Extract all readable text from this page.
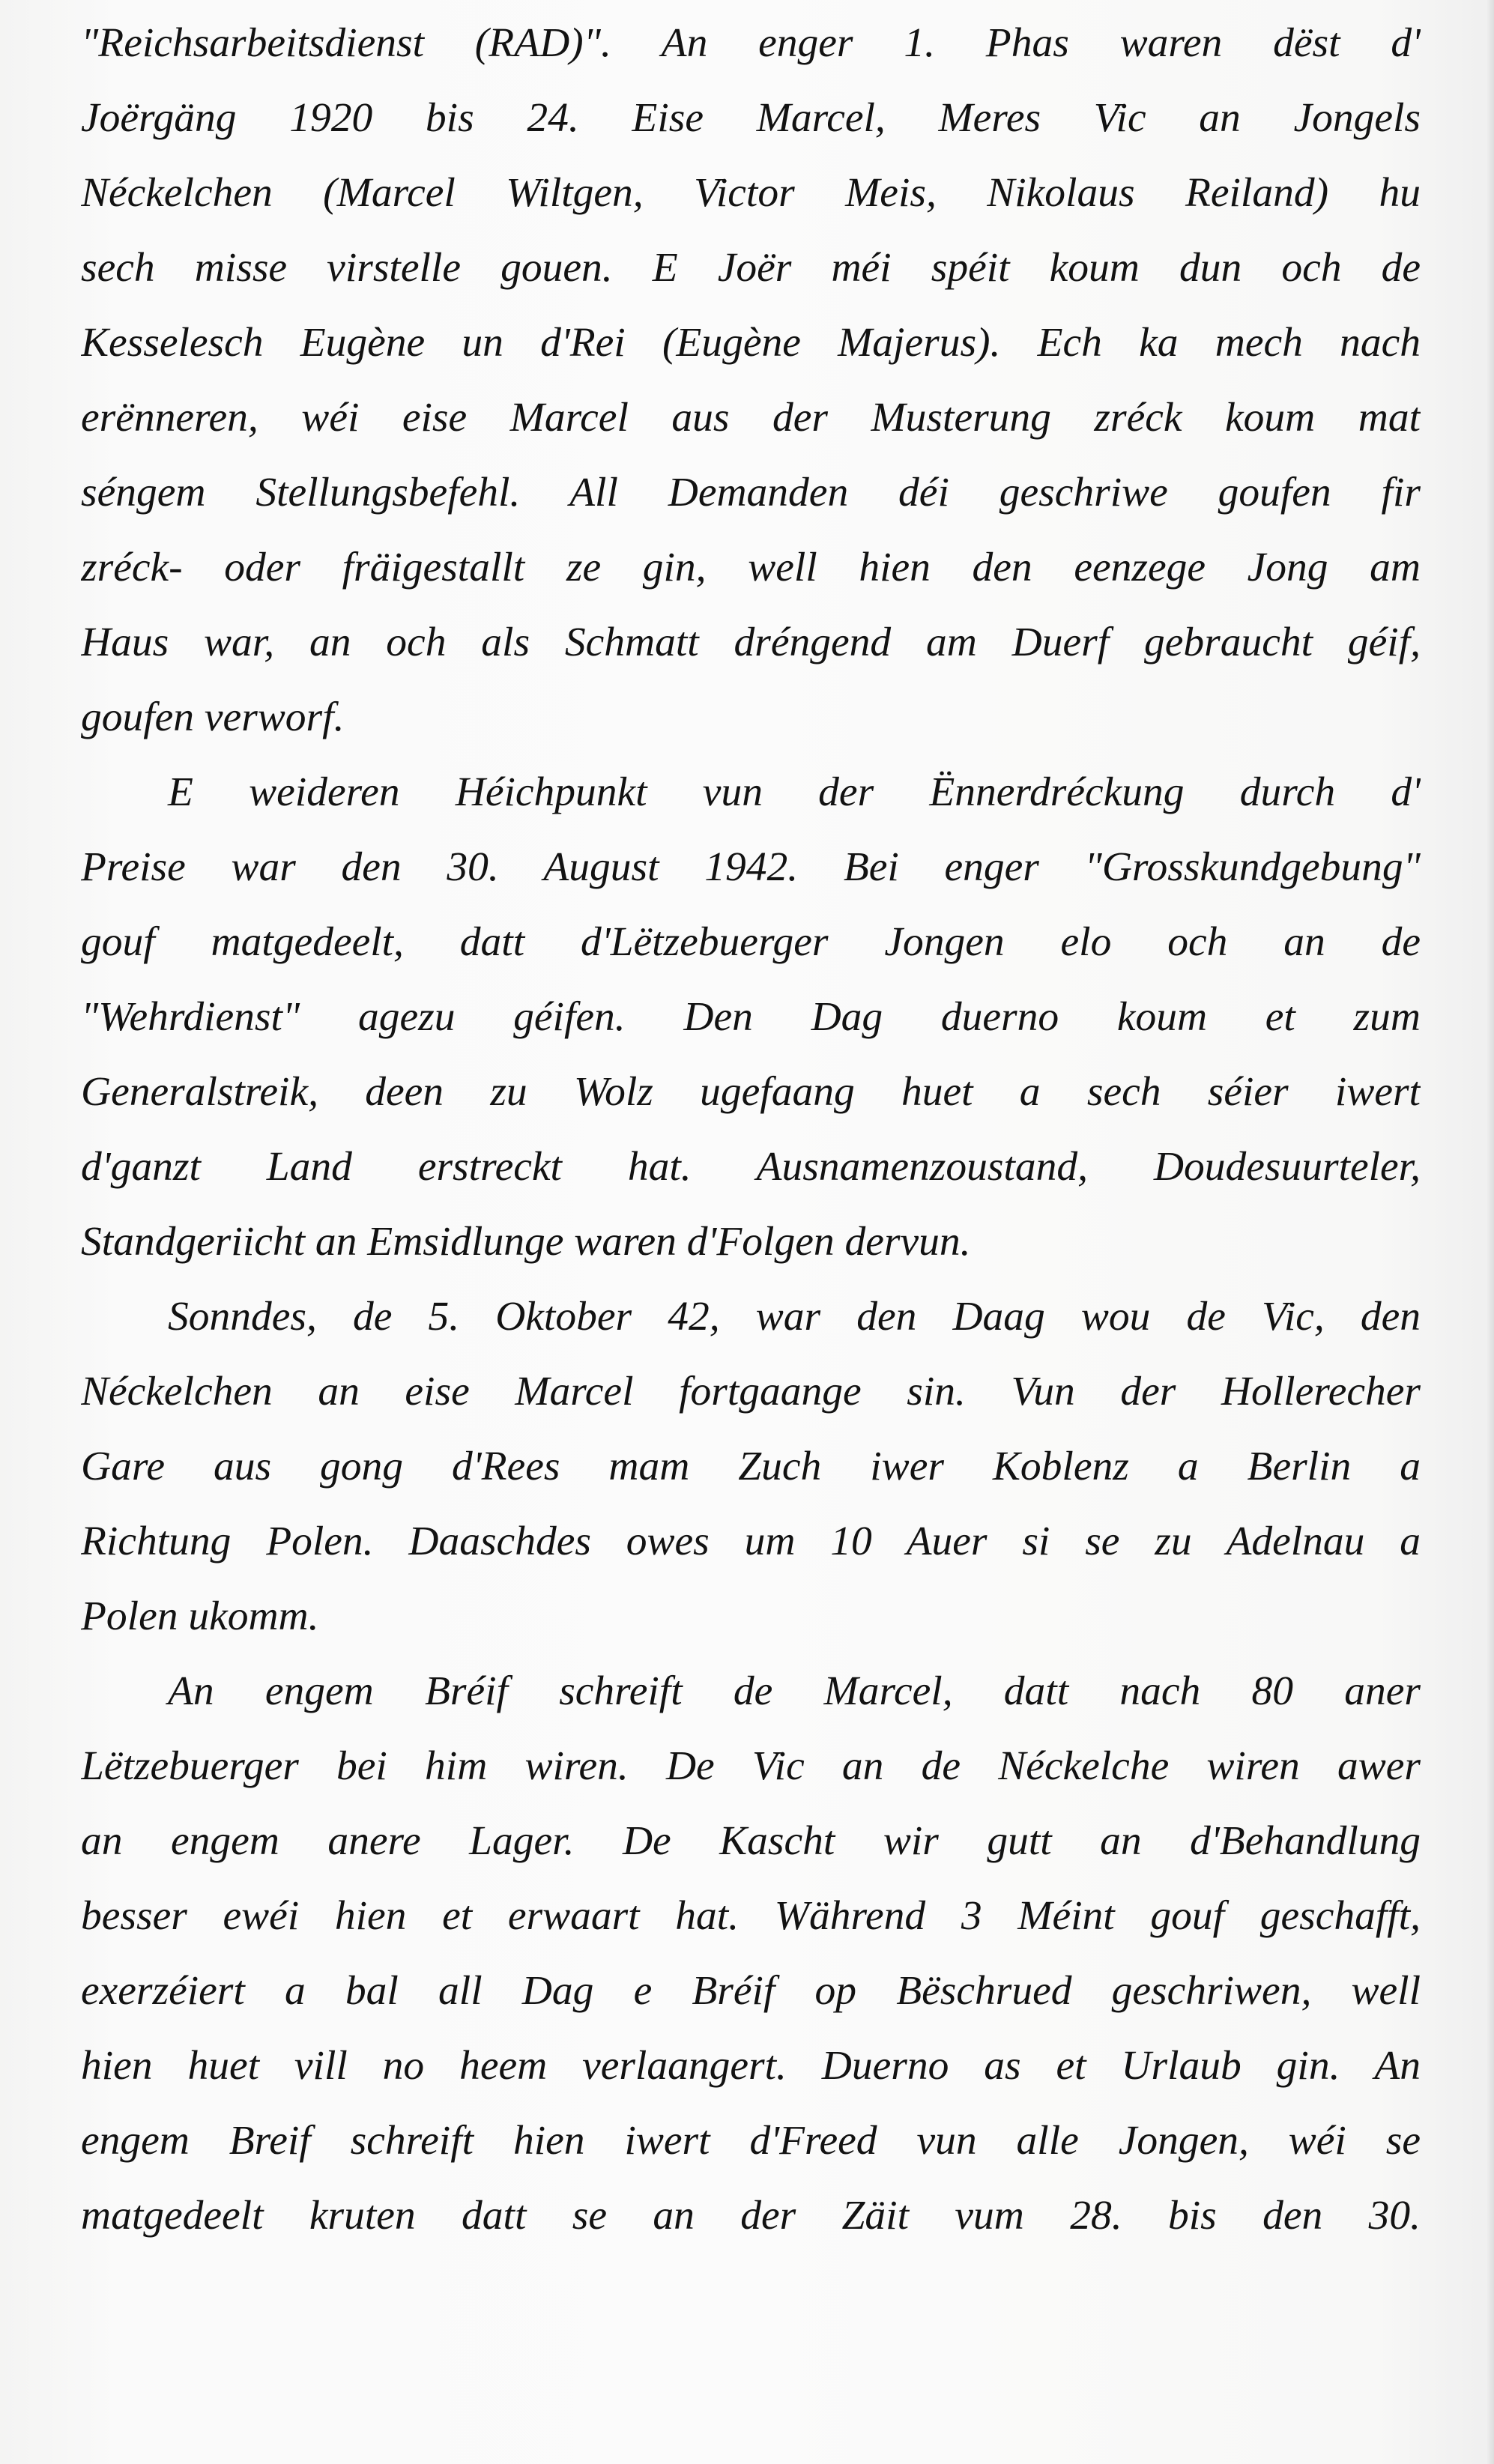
"Reichsarbeitsdienst (RAD)". An enger 1. Phas waren dëst d'
Joërgäng 1920 bis 24. Eise Marcel, Meres Vic an Jongels
Néckelchen (Marcel Wiltgen, Victor Meis, Nikolaus Reiland) hu
sech misse virstelle gouen. E Joër méi spéit koum dun och de
Kesselesch Eugène un d'Rei (Eugène Majerus). Ech ka mech nach
erënneren, wéi eise Marcel aus der Musterung zréck koum mat
séngem Stellungsbefehl. All Demanden déi geschriwe goufen fir
zréck- oder fräigestallt ze gin, well hien den eenzege Jong am
Haus war, an och als Schmatt dréngend am Duerf gebraucht géif,
goufen verworf.
E weideren Héichpunkt vun der Ënnerdréckung durch d'
Preise war den 30. August 1942. Bei enger "Grosskundgebung"
gouf matgedeelt, datt d'Lëtzebuerger Jongen elo och an de
"Wehrdienst" agezu géifen. Den Dag duerno koum et zum
Generalstreik, deen zu Wolz ugefaang huet a sech séier iwert
d'ganzt Land erstreckt hat. Ausnamenzoustand, Doudesuurteler,
Standgeriicht an Emsidlunge waren d'Folgen dervun.
Sonndes, de 5. Oktober 42, war den Daag wou de Vic, den
Néckelchen an eise Marcel fortgaange sin. Vun der Hollerecher
Gare aus gong d'Rees mam Zuch iwer Koblenz a Berlin a
Richtung Polen. Daaschdes owes um 10 Auer si se zu Adelnau a
Polen ukomm.
An engem Bréif schreift de Marcel, datt nach 80 aner
Lëtzebuerger bei him wiren. De Vic an de Néckelche wiren awer
an engem anere Lager. De Kascht wir gutt an d'Behandlung
besser ewéi hien et erwaart hat. Während 3 Méint gouf geschafft,
exerzéiert a bal all Dag e Bréif op Bëschrued geschriwen, well
hien huet vill no heem verlaangert. Duerno as et Urlaub gin. An
engem Breif schreift hien iwert d'Freed vun alle Jongen, wéi se
matgedeelt kruten datt se an der Zäit vum 28. bis den 30.
